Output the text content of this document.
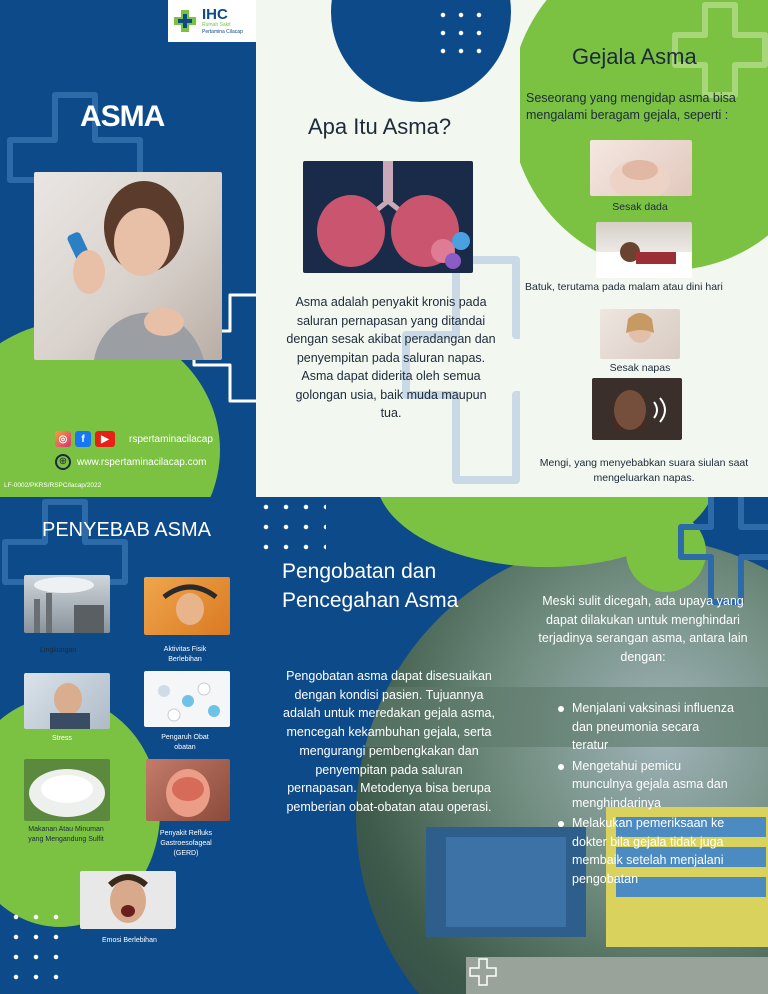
IHC
Rumah Sakit
Pertamina Cilacap
ASMA
◎	f	▶	rspertaminacilacap
⊕ www.rspertaminacilacap.com
LF-0002/PKRS/RSPC/lacap/2022
Apa Itu Asma?
Asma adalah penyakit kronis pada saluran pernapasan yang ditandai dengan sesak akibat peradangan dan penyempitan pada saluran napas. Asma dapat diderita oleh semua golongan usia, baik muda maupun tua.
Gejala Asma
Seseorang yang mengidap asma bisa mengalami beragam gejala, seperti :
Sesak dada
Batuk, terutama pada malam atau dini hari
Sesak napas
Mengi, yang menyebabkan suara siulan saat mengeluarkan napas.
PENYEBAB ASMA
Lingkungan	Aktivitas Fisik Berlebihan
Stress	Pengaruh Obat obatan
Makanan Atau Minuman yang Mengandung Sulfit
Penyakit Refluks Gastroesofageal (GERD)
Emosi Berlebihan
Pengobatan dan Pencegahan Asma
Pengobatan asma dapat disesuaikan dengan kondisi pasien. Tujuannya adalah untuk meredakan gejala asma, mencegah kekambuhan gejala, serta mengurangi pembengkakan dan penyempitan pada saluran pernapasan. Metodenya bisa berupa pemberian obat-obatan atau operasi.
Meski sulit dicegah, ada upaya yang dapat dilakukan untuk menghindari terjadinya serangan asma, antara lain dengan:
Menjalani vaksinasi influenza dan pneumonia secara teratur
Mengetahui pemicu munculnya gejala asma dan menghindarinya
Melakukan pemeriksaan ke dokter bila gejala tidak juga membaik setelah menjalani pengobatan
